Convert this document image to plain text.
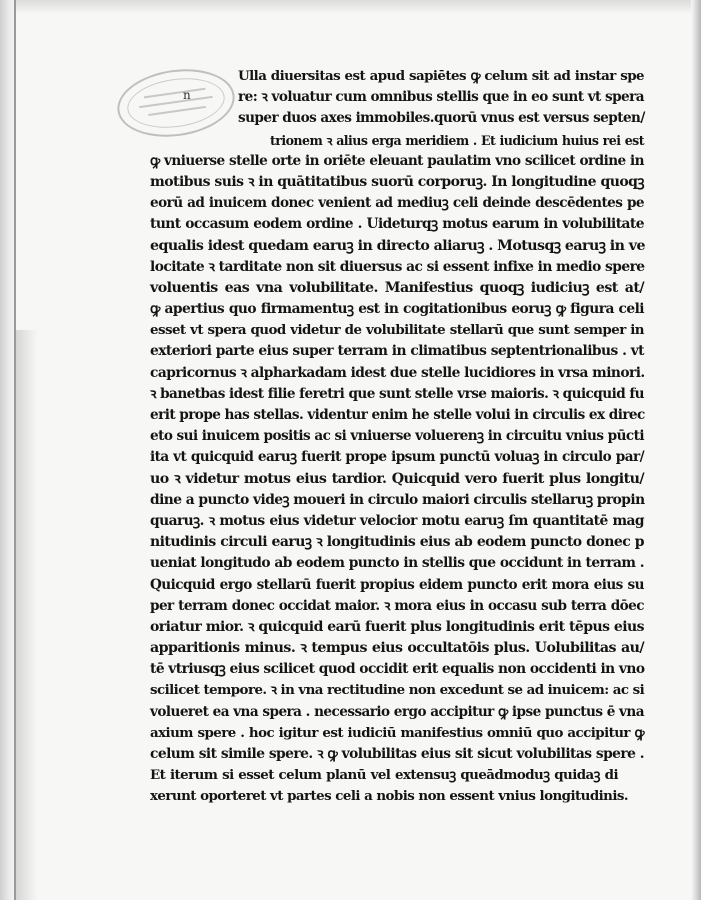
n
Ulla diuersitas est apud sapiētes ꝙ celum sit ad instar spe
re: ꝛ voluatur cum omnibus stellis que in eo sunt vt spera
super duos axes immobiles.quorū vnus est versus septen/
trionem ꝛ alius erga meridiem . Et iudicium huius rei est
ꝙ vniuerse stelle orte in oriēte eleuant paulatim vno scilicet ordine in
motibus suis ꝛ in quātitatibus suorū corporuꝫ. In longitudine quoqꝫ
eorū ad inuicem donec venient ad mediuꝫ celi deinde descēdentes pe
tunt occasum eodem ordine . Uideturqꝫ motus earum in volubilitate
equalis idest quedam earuꝫ in directo aliaruꝫ . Motusqꝫ earuꝫ in ve
locitate ꝛ tarditate non sit diuersus ac si essent infixe in medio spere
voluentis eas vna volubilitate. Manifestius quoqꝫ iudiciuꝫ est at/
ꝙ apertius quo firmamentuꝫ est in cogitationibus eoruꝫ ꝙ figura celi
esset vt spera quod videtur de volubilitate stellarū que sunt semper in
exteriori parte eius super terram in climatibus septentrionalibus . vt
capricornus ꝛ alpharkadam idest due stelle lucidiores in vrsa minori.
ꝛ banetbas idest filie feretri que sunt stelle vrse maioris. ꝛ quicquid fu
erit prope has stellas. videntur enim he stelle volui in circulis ex direc
eto sui inuicem positis ac si vniuerse voluerenꝫ in circuitu vnius pūcti
ita vt quicquid earuꝫ fuerit prope ipsum punctū voluaꝫ in circulo par/
uo ꝛ videtur motus eius tardior. Quicquid vero fuerit plus longitu/
dine a puncto videꝫ moueri in circulo maiori circulis stellaruꝫ propin
quaruꝫ. ꝛ motus eius videtur velocior motu earuꝫ ſm quantitatē mag
nitudinis circuli earuꝫ ꝛ longitudinis eius ab eodem puncto donec p
ueniat longitudo ab eodem puncto in stellis que occidunt in terram .
Quicquid ergo stellarū fuerit propius eidem puncto erit mora eius su
per terram donec occidat maior. ꝛ mora eius in occasu sub terra dōec
oriatur mior. ꝛ quicquid earū fuerit plus longitudinis erit tēpus eius
apparitionis minus. ꝛ tempus eius occultatōis plus. Uolubilitas au/
tē vtriusqꝫ eius scilicet quod occidit erit equalis non occidenti in vno
scilicet tempore. ꝛ in vna rectitudine non excedunt se ad inuicem: ac si
volueret ea vna spera . necessario ergo accipitur ꝙ ipse punctus ē vna
axium spere . hoc igitur est iudiciū manifestius omniū quo accipitur ꝙ
celum sit simile spere. ꝛ ꝙ volubilitas eius sit sicut volubilitas spere .
Et iterum si esset celum planū vel extensuꝫ queādmoduꝫ quidaꝫ di
xerunt oporteret vt partes celi a nobis non essent vnius longitudinis.
